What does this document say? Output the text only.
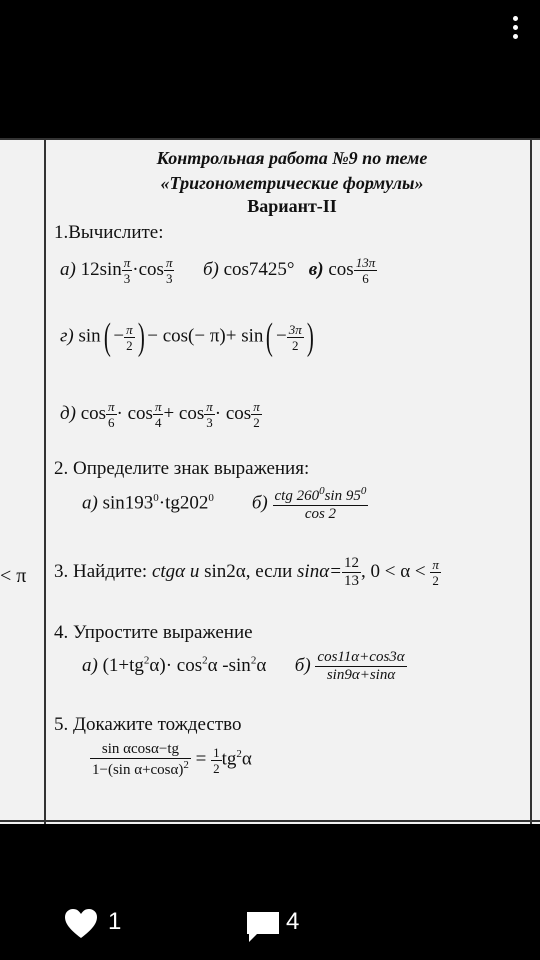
< π
Контрольная работа №9 по теме
«Тригонометрические формулы»
Вариант-II
1.Вычислите:
а) $12\sin \frac{\pi}{3} \cdot\cos \frac{\pi}{3} б$) cos7425° в) $\cos \frac{13\pi}{6}$
г) $\sin( - \frac{\pi}{2}$ ) − $\cos(- \pi)+ \sin( - \frac{3\pi}{2}$ )
д) $\cos \frac{\pi}{6} \cdot \cos \frac{\pi}{4} + \cos \frac{\pi}{3} \cdot \cos \frac{\pi}{2}$
2. Определите знак выражения:
а) $\sin 193^0\cdot tg202^0$ $б) \frac{ctg 260^0\sin 95^0}{\cos 2}$
3. Найдите: ctgα и sin2α, если $\sin\alpha= \frac{12}{13}$ , $0 < \alpha < \frac{\pi}{2}$
4. Упростите выражение
а) $(1+tg^2\alpha)\cdot \cos^2\alpha$ $-\sin^2\alpha$ $б) \frac{\cos 11\alpha+\cos 3\alpha}{\sin 9\alpha+\sin\alpha}$
5. Докажите тождество
$\frac{\text{sin αcosα−tg}}{1-(\sin \alpha+\cos\alpha)^2} = \frac{1}{2} tg^2\alpha$
1	4
